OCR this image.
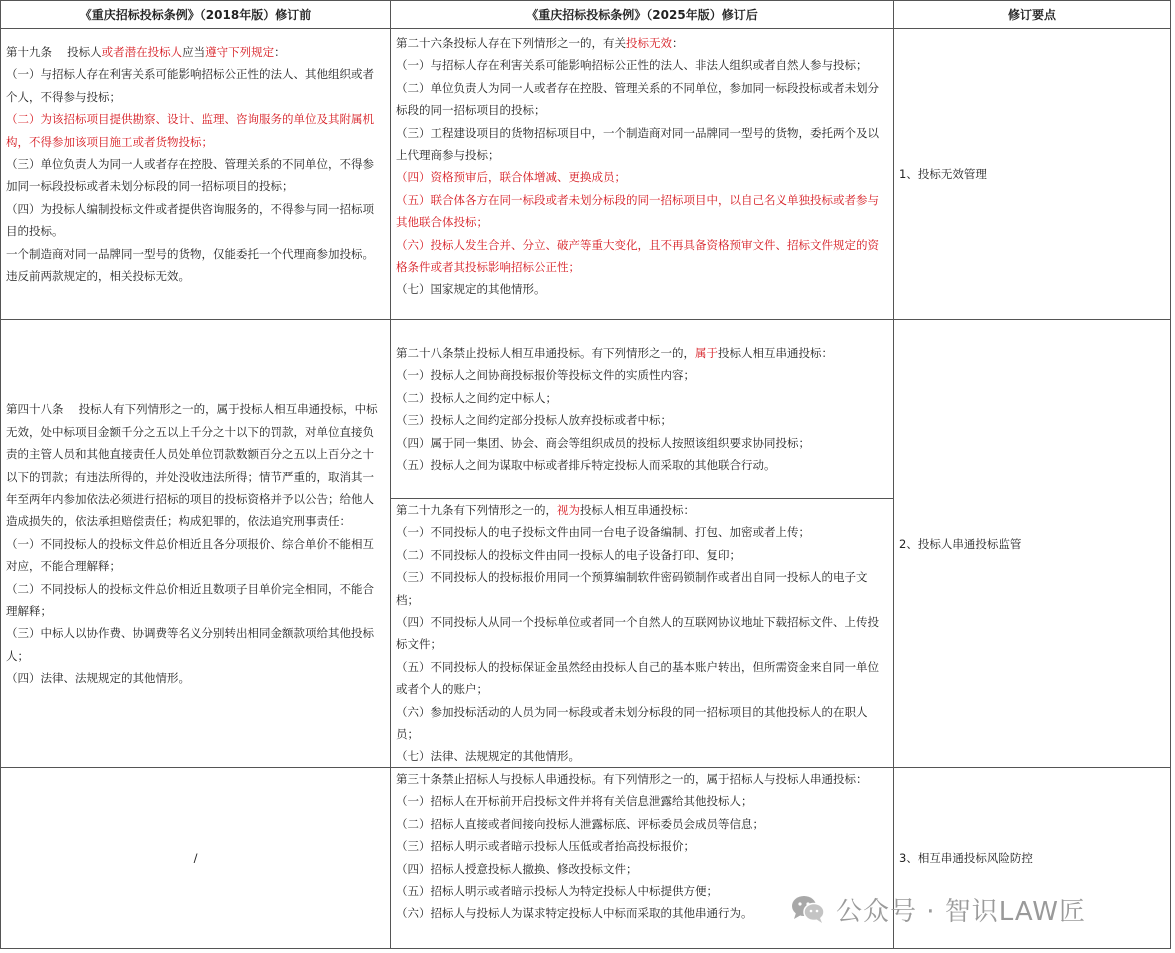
《重庆招标投标条例》（2018年版）修订前	《重庆招标投标条例》（2025年版）修订后	修订要点

第十九条　 投标人或者潜在投标人应当遵守下列规定：

（一）与招标人存在利害关系可能影响招标公正性的法人、其他组织或者个人，不得参与投标；

（二）为该招标项目提供勘察、设计、监理、咨询服务的单位及其附属机构，不得参加该项目施工或者货物投标；

（三）单位负责人为同一人或者存在控股、管理关系的不同单位，不得参加同一标段投标或者未划分标段的同一招标项目的投标；

（四）为投标人编制投标文件或者提供咨询服务的，不得参与同一招标项目的投标。

一个制造商对同一品牌同一型号的货物，仅能委托一个代理商参加投标。

违反前两款规定的，相关投标无效。

第二十六条投标人存在下列情形之一的，有关投标无效：

（一）与招标人存在利害关系可能影响招标公正性的法人、非法人组织或者自然人参与投标；

（二）单位负责人为同一人或者存在控股、管理关系的不同单位，参加同一标段投标或者未划分标段的同一招标项目的投标；

（三）工程建设项目的货物招标项目中，一个制造商对同一品牌同一型号的货物，委托两个及以上代理商参与投标；

（四）资格预审后，联合体增减、更换成员；

（五）联合体各方在同一标段或者未划分标段的同一招标项目中，以自己名义单独投标或者参与其他联合体投标；

（六）投标人发生合并、分立、破产等重大变化，且不再具备资格预审文件、招标文件规定的资格条件或者其投标影响招标公正性；

（七）国家规定的其他情形。

1、投标无效管理

第四十八条　 投标人有下列情形之一的，属于投标人相互串通投标，中标无效，处中标项目金额千分之五以上千分之十以下的罚款，对单位直接负责的主管人员和其他直接责任人员处单位罚款数额百分之五以上百分之十以下的罚款；有违法所得的，并处没收违法所得；情节严重的，取消其一年至两年内参加依法必须进行招标的项目的投标资格并予以公告；给他人造成损失的，依法承担赔偿责任；构成犯罪的，依法追究刑事责任：

（一）不同投标人的投标文件总价相近且各分项报价、综合单价不能相互对应，不能合理解释；

（二）不同投标人的投标文件总价相近且数项子目单价完全相同，不能合理解释；

（三）中标人以协作费、协调费等名义分别转出相同金额款项给其他投标人；

（四）法律、法规规定的其他情形。

第二十八条禁止投标人相互串通投标。有下列情形之一的，属于投标人相互串通投标：

（一）投标人之间协商投标报价等投标文件的实质性内容；

（二）投标人之间约定中标人；

（三）投标人之间约定部分投标人放弃投标或者中标；

（四）属于同一集团、协会、商会等组织成员的投标人按照该组织要求协同投标；

（五）投标人之间为谋取中标或者排斥特定投标人而采取的其他联合行动。

第二十九条有下列情形之一的，视为投标人相互串通投标：

（一）不同投标人的电子投标文件由同一台电子设备编制、打包、加密或者上传；

（二）不同投标人的投标文件由同一投标人的电子设备打印、复印；

（三）不同投标人的投标报价用同一个预算编制软件密码锁制作或者出自同一投标人的电子文档；

（四）不同投标人从同一个投标单位或者同一个自然人的互联网协议地址下载招标文件、上传投标文件；

（五）不同投标人的投标保证金虽然经由投标人自己的基本账户转出，但所需资金来自同一单位或者个人的账户；

（六）参加投标活动的人员为同一标段或者未划分标段的同一招标项目的其他投标人的在职人员；

（七）法律、法规规定的其他情形。

2、投标人串通投标监管
/

第三十条禁止招标人与投标人串通投标。有下列情形之一的，属于招标人与投标人串通投标：

（一）招标人在开标前开启投标文件并将有关信息泄露给其他投标人；

（二）招标人直接或者间接向投标人泄露标底、评标委员会成员等信息；

（三）招标人明示或者暗示投标人压低或者抬高投标报价；

（四）招标人授意投标人撤换、修改投标文件；

（五）招标人明示或者暗示投标人为特定投标人中标提供方便；

（六）招标人与投标人为谋求特定投标人中标而采取的其他串通行为。

3、相互串通投标风险防控
公众号 · 智识LAW匠
